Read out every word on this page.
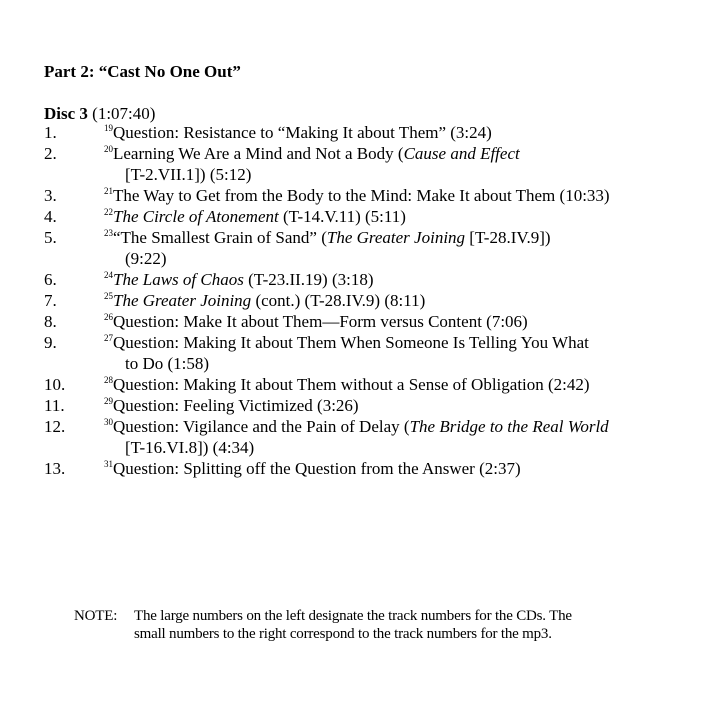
Part 2: “Cast No One Out”
Disc 3 (1:07:40)
1.	$^{19}$Question: Resistance to “Making It about Them” (3:24)
2.	$^{20}$Learning We Are a Mind and Not a Body (Cause and Effect
[T-2.VII.1]) (5:12)
3.	$^{21}$The Way to Get from the Body to the Mind: Make It about Them (10:33)
4.	$^{22}$The Circle of Atonement (T-14.V.11) (5:11)
5.	$^{23}$“The Smallest Grain of Sand” (The Greater Joining [T-28.IV.9])
(9:22)
6.	$^{24}$The Laws of Chaos (T-23.II.19) (3:18)
7.	$^{25}$The Greater Joining (cont.) (T-28.IV.9) (8:11)
8.	$^{26}$Question: Make It about Them—Form versus Content (7:06)
9.	$^{27}$Question: Making It about Them When Someone Is Telling You What
to Do (1:58)
10.	$^{28}$Question: Making It about Them without a Sense of Obligation (2:42)
11.	$^{29}$Question: Feeling Victimized (3:26)
12.	$^{30}$Question: Vigilance and the Pain of Delay (The Bridge to the Real World
[T-16.VI.8]) (4:34)
13.	$^{31}$Question: Splitting off the Question from the Answer (2:37)
NOTE: The large numbers on the left designate the track numbers for the CDs. The
small numbers to the right correspond to the track numbers for the mp3.
